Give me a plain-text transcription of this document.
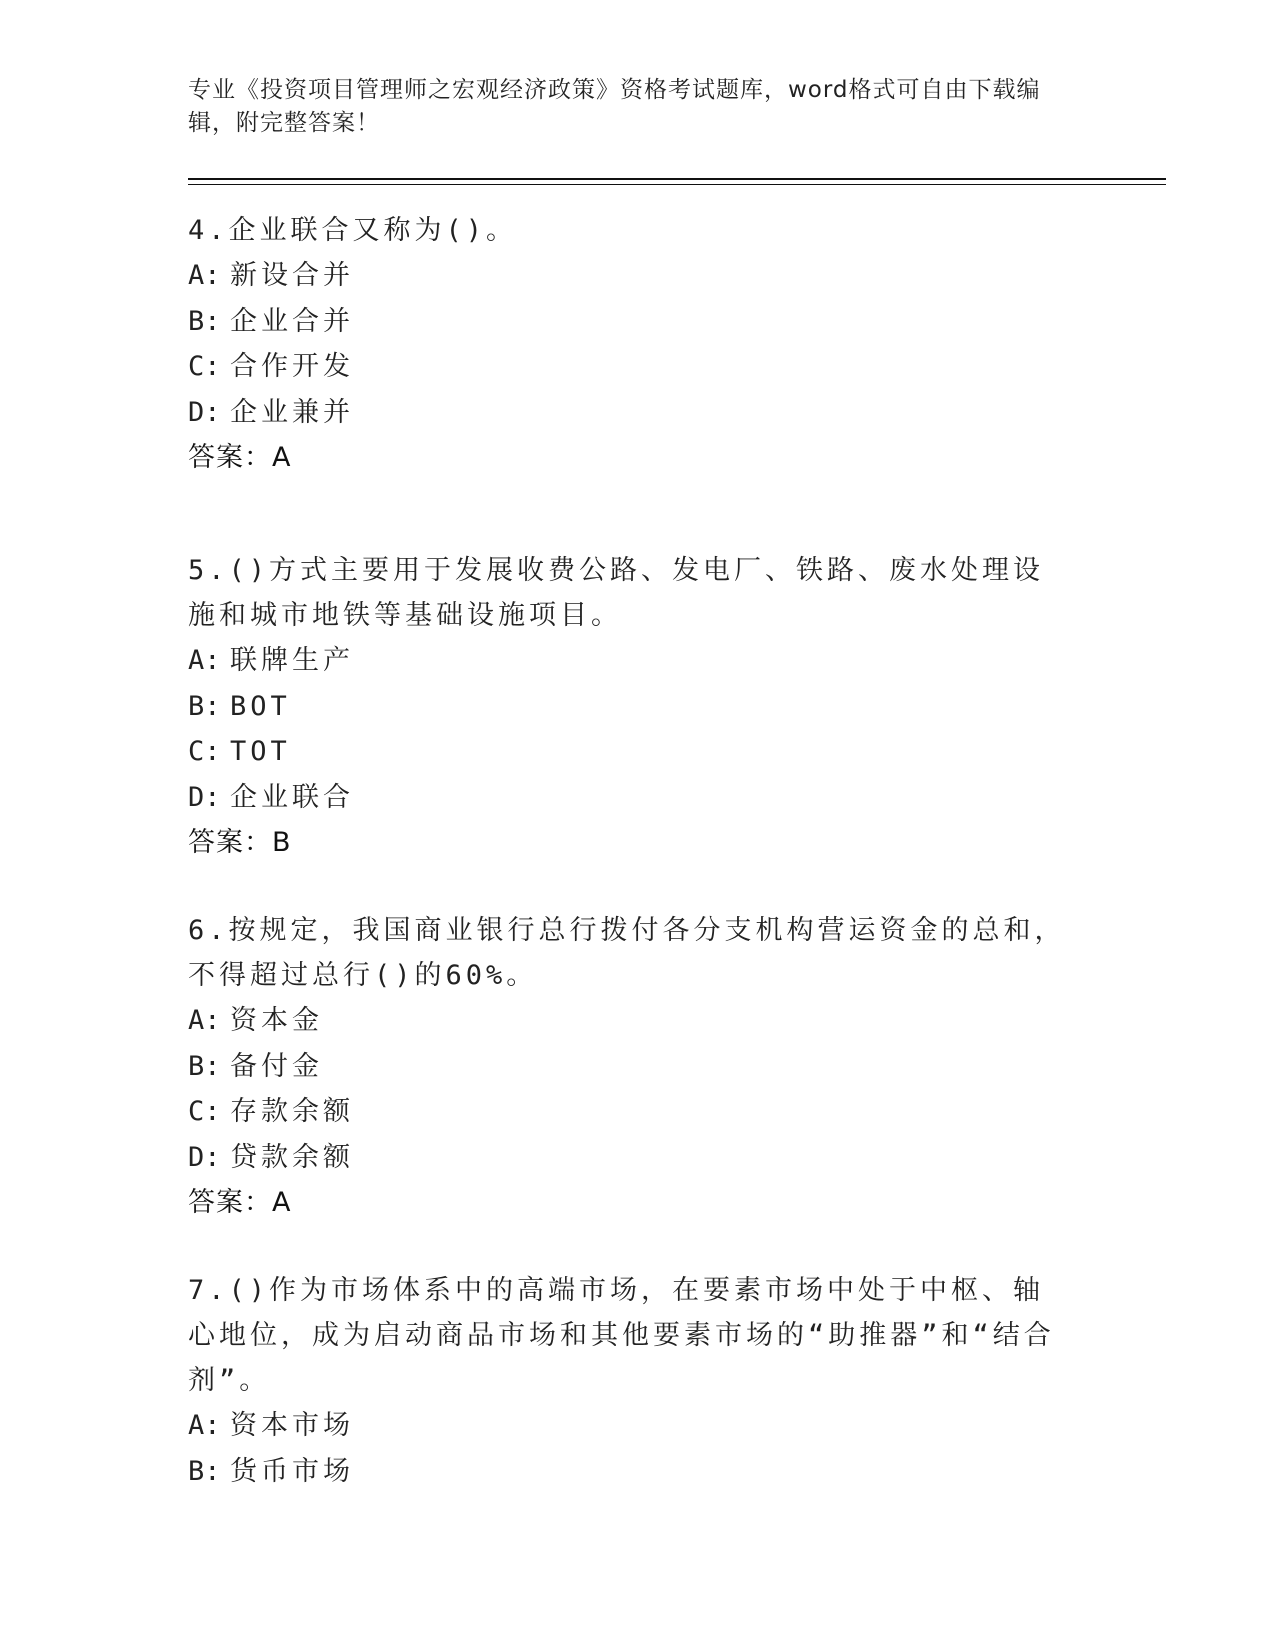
专业《投资项目管理师之宏观经济政策》资格考试题库，word格式可自由下载编辑，附完整答案！

4.企业联合又称为()。

A: 新设合并

B: 企业合并

C: 合作开发

D: 企业兼并

答案：A

5.()方式主要用于发展收费公路、发电厂、铁路、废水处理设施和城市地铁等基础设施项目。

A: 联牌生产

B: BOT

C: TOT

D: 企业联合

答案：B

6.按规定，我国商业银行总行拨付各分支机构营运资金的总和，不得超过总行()的60%。

A: 资本金

B: 备付金

C: 存款余额

D: 贷款余额

答案：A

7.()作为市场体系中的高端市场，在要素市场中处于中枢、轴心地位，成为启动商品市场和其他要素市场的“助推器”和“结合剂”。

A: 资本市场

B: 货币市场
